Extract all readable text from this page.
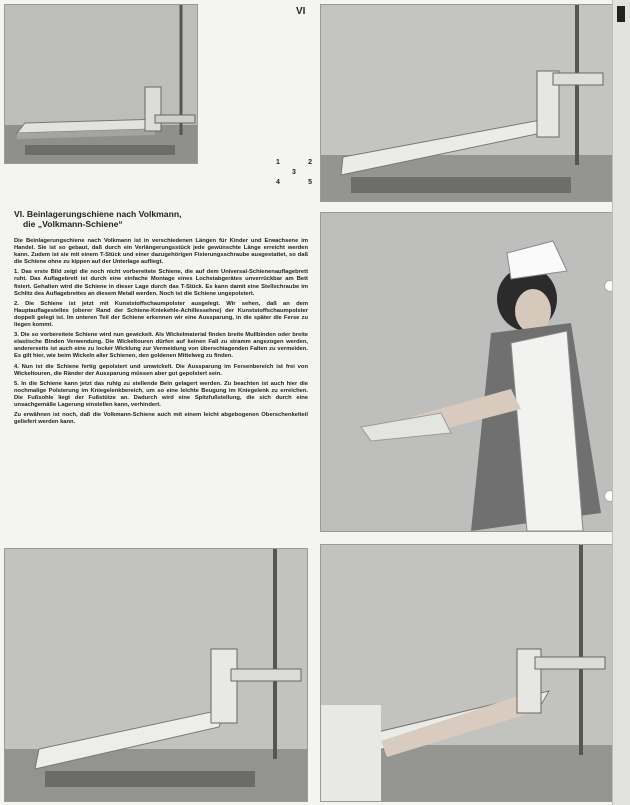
VI
1	2
3
4	5
VI. Beinlagerungschiene nach Volkmann,
die „Volkmann-Schiene“

Die Beinlagerungschiene nach Volkmann ist in verschiedenen Längen für Kinder und Erwachsene im Handel. Sie ist so gebaut, daß durch ein Verlängerungsstück jede gewünschte Länge erreicht werden kann. Zudem ist sie mit einem T-Stück und einer dazugehörigen Fixierungsschraube ausgestattet, so daß die Schiene ohne zu kippen auf der Unterlage aufliegt.

1. Das erste Bild zeigt die noch nicht vorbereitete Schiene, die auf dem Universal-Schienenauflagebrett ruht. Das Auflagebrett ist durch eine einfache Montage eines Lochstabgerätes unverrückbar am Bett fixiert. Gehalten wird die Schiene in dieser Lage durch das T-Stück. Es kann damit eine Stellschraube im Schlitz des Auflagebrettes an diesem Metall werden. Noch ist die Schiene ungepolstert.

2. Die Schiene ist jetzt mit Kunststoffschaumpolster ausgelegt. Wir sehen, daß an dem Hauptauflagestelles (oberer Rand der Schiene-Kniekehle-Achillessehne) der Kunststoffschaumpolster doppelt gelegt ist. Im unteren Teil der Schiene erkennen wir eine Aussparung, in die später die Ferse zu liegen kommt.

3. Die so vorbereitete Schiene wird nun gewickelt. Als Wickelmaterial finden breite Mullbinden oder breite elastische Binden Verwendung. Die Wickeltouren dürfen auf keinen Fall zu stramm angezogen werden, andererseits ist auch eine zu locker Wicklung zur Vermeidung von überschiagenden Falten zu vermeiden. Es gilt hier, wie beim Wickeln aller Schienen, den goldenen Mittelweg zu finden.

4. Nun ist die Schiene fertig gepolstert und umwickelt. Die Aussparung im Fersenbereich ist frei von Wickeltouren, die Ränder der Aussparung müssen aber gut gepolstert sein.

5. In die Schiene kann jetzt das ruhig zu stellende Bein gelagert werden. Zu beachten ist auch hier die nochmalige Polsterung im Kniegelenkbereich, um so eine leichte Beugung im Kniegelenk zu erreichen. Die Fußsohle liegt der Fußstütze an. Dadurch wird eine Spitzfußstellung, die sich durch eine unsachgemäße Lagerung einstellen kann, verhindert.

Zu erwähnen ist noch, daß die Volkmann-Schiene auch mit einem leicht abgebogenen Oberschenkelteil geliefert werden kann.
